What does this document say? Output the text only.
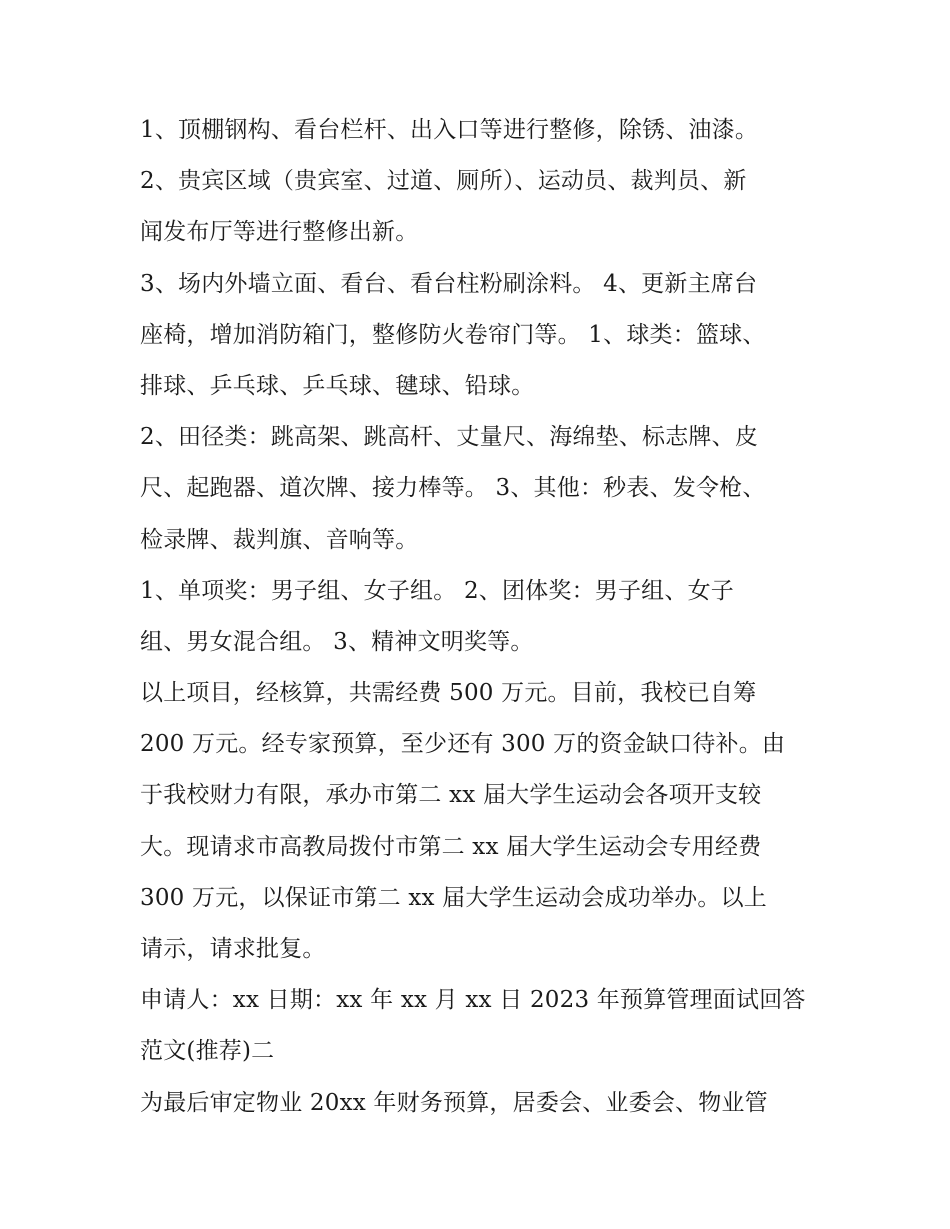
1、顶棚钢构、看台栏杆、出入口等进行整修，除锈、油漆。
2、贵宾区域（贵宾室、过道、厕所）、运动员、裁判员、新
闻发布厅等进行整修出新。
3、场内外墙立面、看台、看台柱粉刷涂料。 4、更新主席台
座椅，增加消防箱门，整修防火卷帘门等。 1、球类：篮球、
排球、乒乓球、乒乓球、毽球、铅球。
2、田径类：跳高架、跳高杆、丈量尺、海绵垫、标志牌、皮
尺、起跑器、道次牌、接力棒等。 3、其他：秒表、发令枪、
检录牌、裁判旗、音响等。
1、单项奖：男子组、女子组。 2、团体奖：男子组、女子
组、男女混合组。 3、精神文明奖等。
以上项目，经核算，共需经费 500 万元。目前，我校已自筹
200 万元。经专家预算，至少还有 300 万的资金缺口待补。由
于我校财力有限，承办市第二 xx 届大学生运动会各项开支较
大。现请求市高教局拨付市第二 xx 届大学生运动会专用经费
300 万元，以保证市第二 xx 届大学生运动会成功举办。以上
请示，请求批复。
申请人：xx 日期：xx 年 xx 月 xx 日 2023 年预算管理面试回答
范文(推荐)二
为最后审定物业 20xx 年财务预算，居委会、业委会、物业管
